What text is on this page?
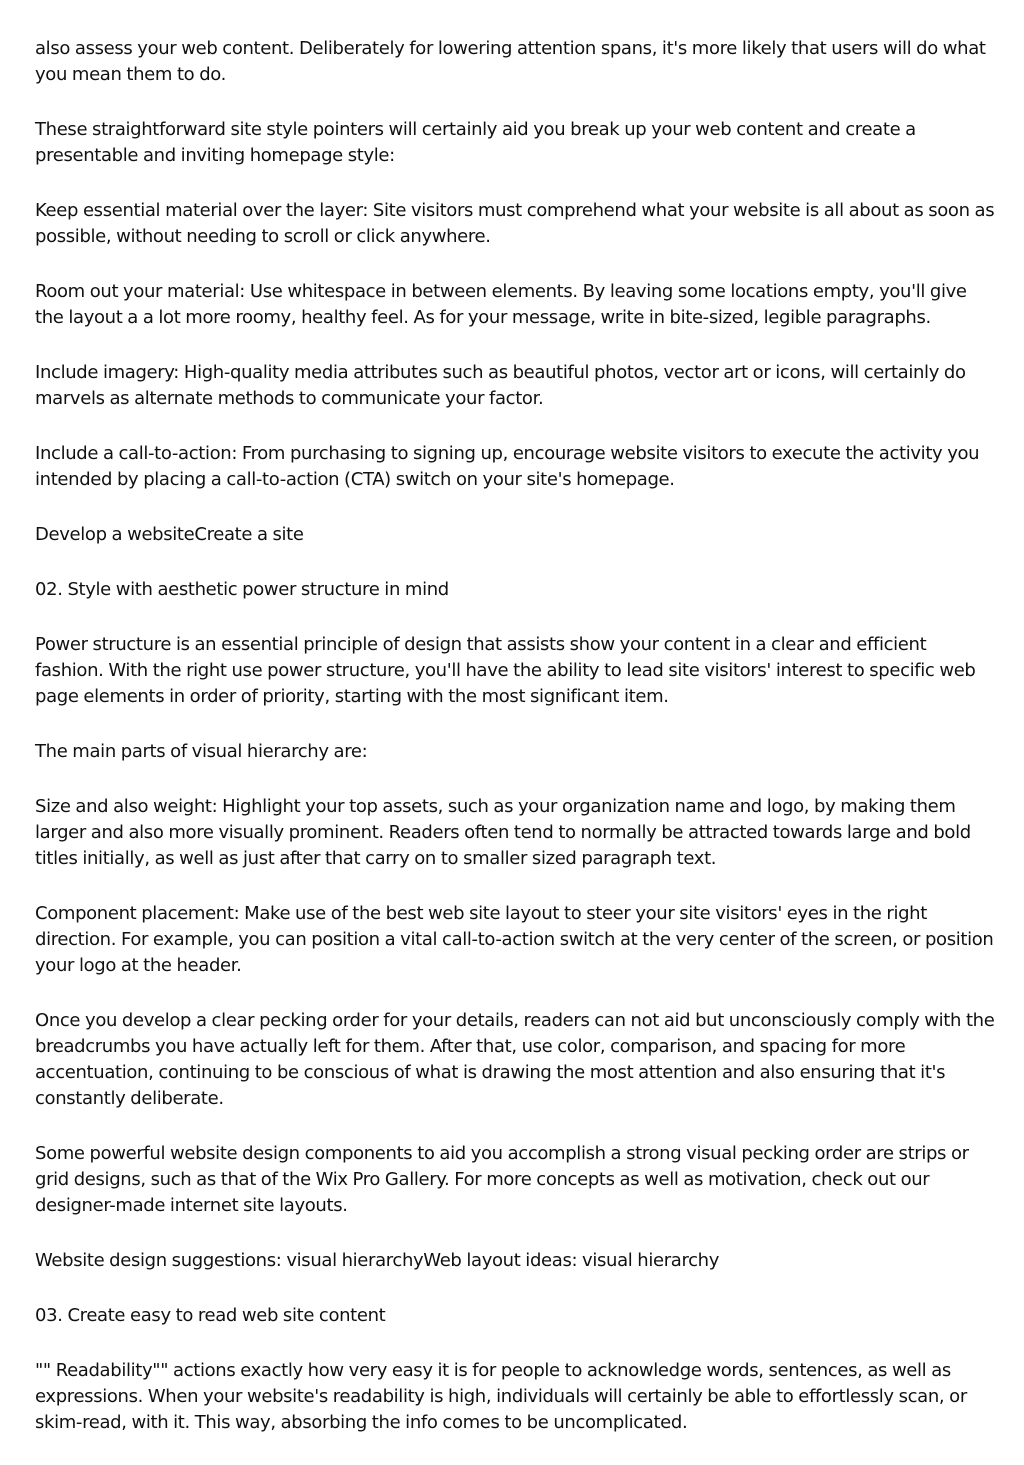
also assess your web content. Deliberately for lowering attention spans, it's more likely that users will do what you mean them to do.

These straightforward site style pointers will certainly aid you break up your web content and create a presentable and inviting homepage style:

Keep essential material over the layer: Site visitors must comprehend what your website is all about as soon as possible, without needing to scroll or click anywhere.

Room out your material: Use whitespace in between elements. By leaving some locations empty, you'll give the layout a a lot more roomy, healthy feel. As for your message, write in bite-sized, legible paragraphs.

Include imagery: High-quality media attributes such as beautiful photos, vector art or icons, will certainly do marvels as alternate methods to communicate your factor.

Include a call-to-action: From purchasing to signing up, encourage website visitors to execute the activity you intended by placing a call-to-action (CTA) switch on your site's homepage.

Develop a websiteCreate a site

02. Style with aesthetic power structure in mind

Power structure is an essential principle of design that assists show your content in a clear and efficient fashion. With the right use power structure, you'll have the ability to lead site visitors' interest to specific web page elements in order of priority, starting with the most significant item.

The main parts of visual hierarchy are:

Size and also weight: Highlight your top assets, such as your organization name and logo, by making them larger and also more visually prominent. Readers often tend to normally be attracted towards large and bold titles initially, as well as just after that carry on to smaller sized paragraph text.

Component placement: Make use of the best web site layout to steer your site visitors' eyes in the right direction. For example, you can position a vital call-to-action switch at the very center of the screen, or position your logo at the header.

Once you develop a clear pecking order for your details, readers can not aid but unconsciously comply with the breadcrumbs you have actually left for them. After that, use color, comparison, and spacing for more accentuation, continuing to be conscious of what is drawing the most attention and also ensuring that it's constantly deliberate.

Some powerful website design components to aid you accomplish a strong visual pecking order are strips or grid designs, such as that of the Wix Pro Gallery. For more concepts as well as motivation, check out our designer-made internet site layouts.

Website design suggestions: visual hierarchyWeb layout ideas: visual hierarchy

03. Create easy to read web site content

"" Readability"" actions exactly how very easy it is for people to acknowledge words, sentences, as well as expressions. When your website's readability is high, individuals will certainly be able to effortlessly scan, or skim-read, with it. This way, absorbing the info comes to be uncomplicated.
